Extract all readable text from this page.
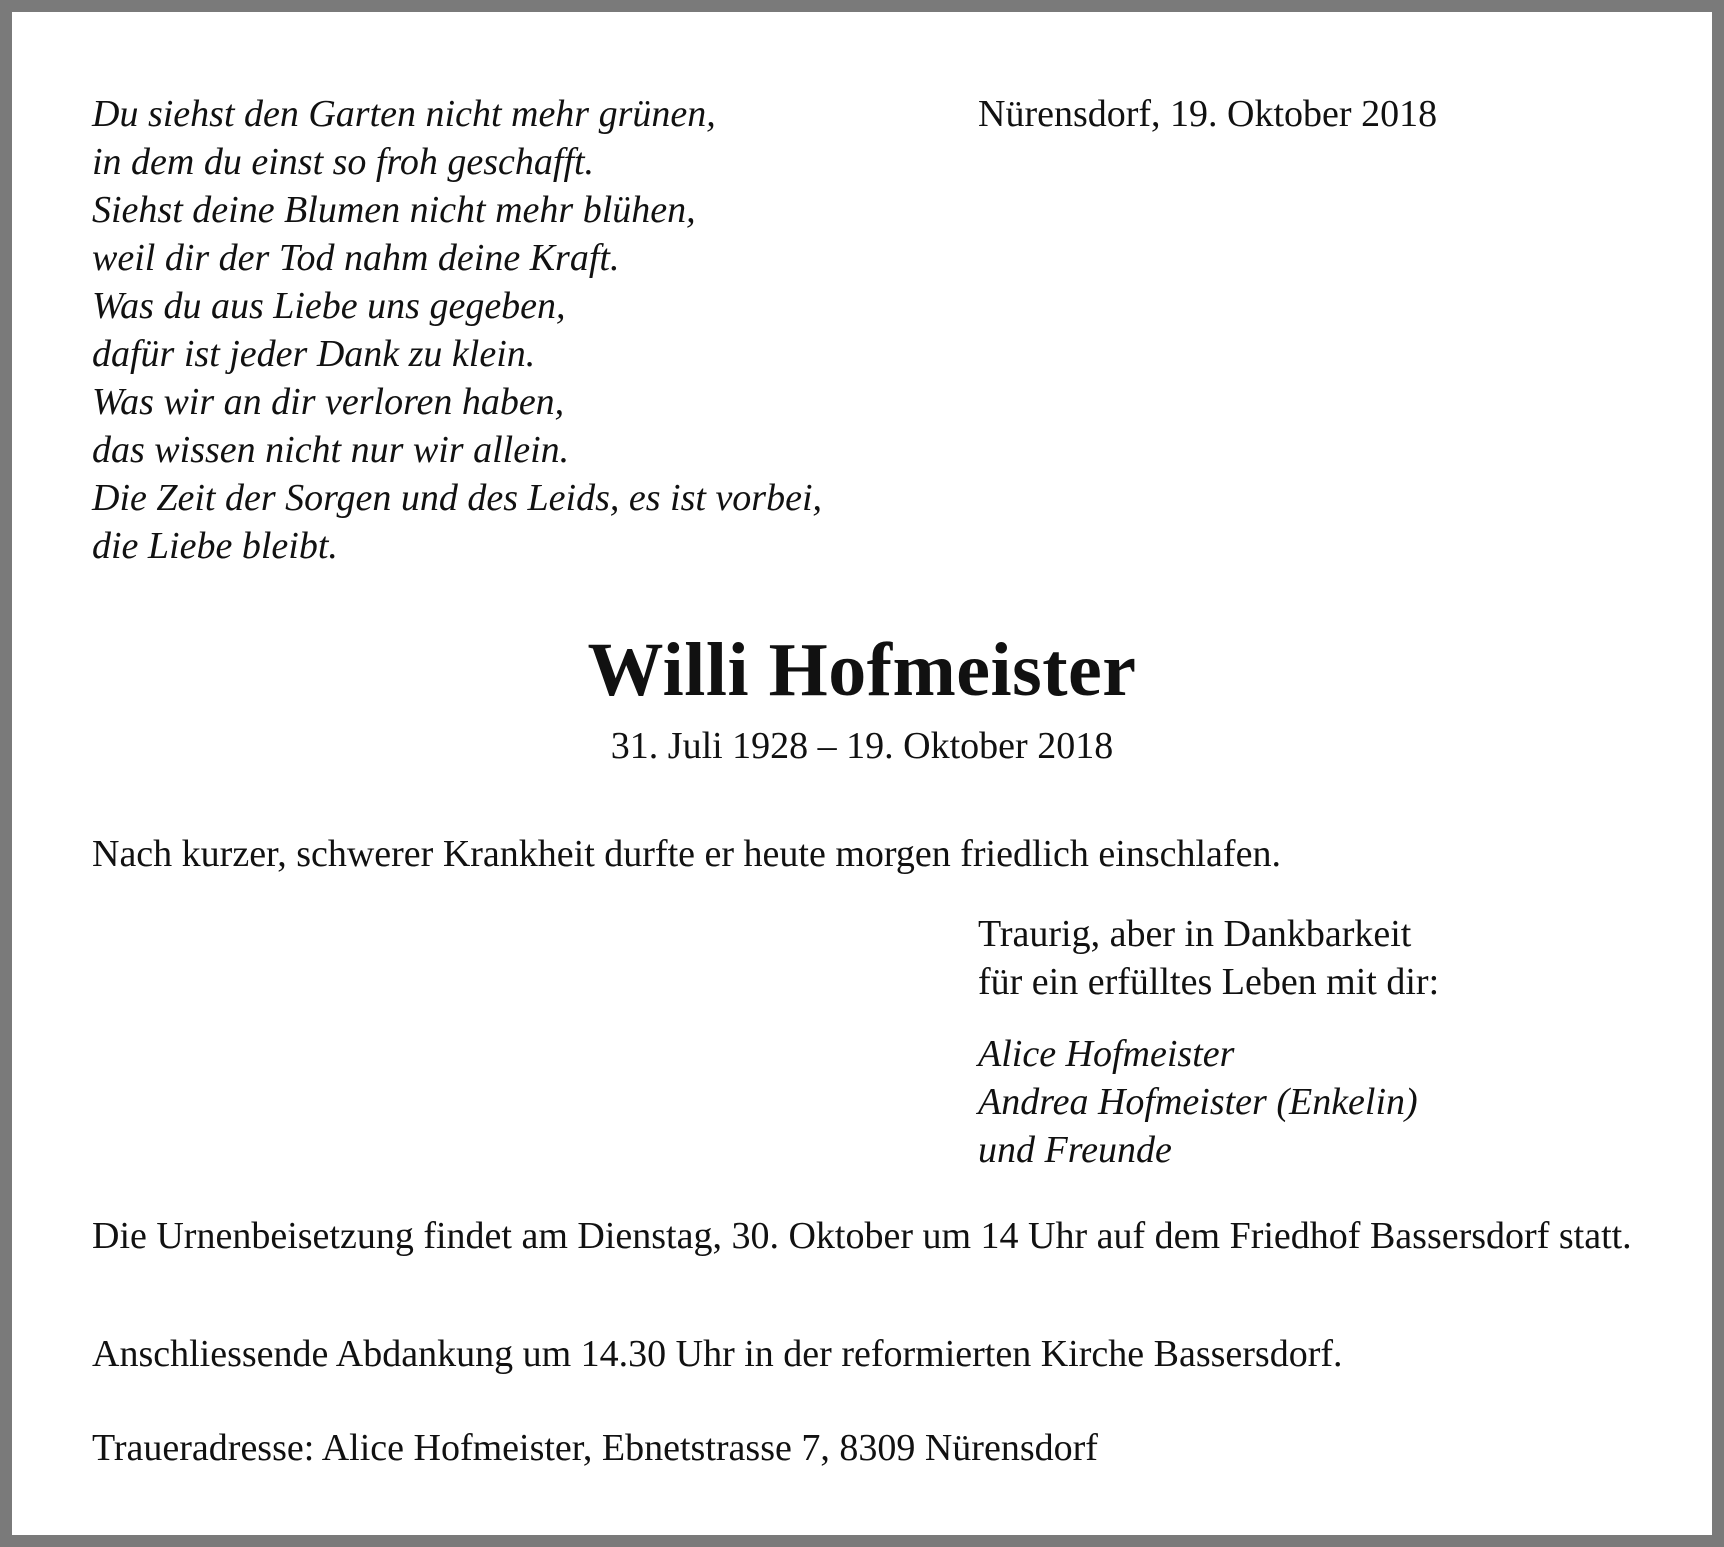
Du siehst den Garten nicht mehr grünen,
in dem du einst so froh geschafft.
Siehst deine Blumen nicht mehr blühen,
weil dir der Tod nahm deine Kraft.
Was du aus Liebe uns gegeben,
dafür ist jeder Dank zu klein.
Was wir an dir verloren haben,
das wissen nicht nur wir allein.
Die Zeit der Sorgen und des Leids, es ist vorbei,
die Liebe bleibt.
Nürensdorf, 19. Oktober 2018
Willi Hofmeister
31. Juli 1928 – 19. Oktober 2018
Nach kurzer, schwerer Krankheit durfte er heute morgen friedlich einschlafen.
Traurig, aber in Dankbarkeit
für ein erfülltes Leben mit dir:
Alice Hofmeister
Andrea Hofmeister (Enkelin)
und Freunde
Die Urnenbeisetzung findet am Dienstag, 30. Oktober um 14 Uhr auf dem Friedhof Bassersdorf statt.
Anschliessende Abdankung um 14.30 Uhr in der reformierten Kirche Bassersdorf.
Traueradresse: Alice Hofmeister, Ebnetstrasse 7, 8309 Nürensdorf
